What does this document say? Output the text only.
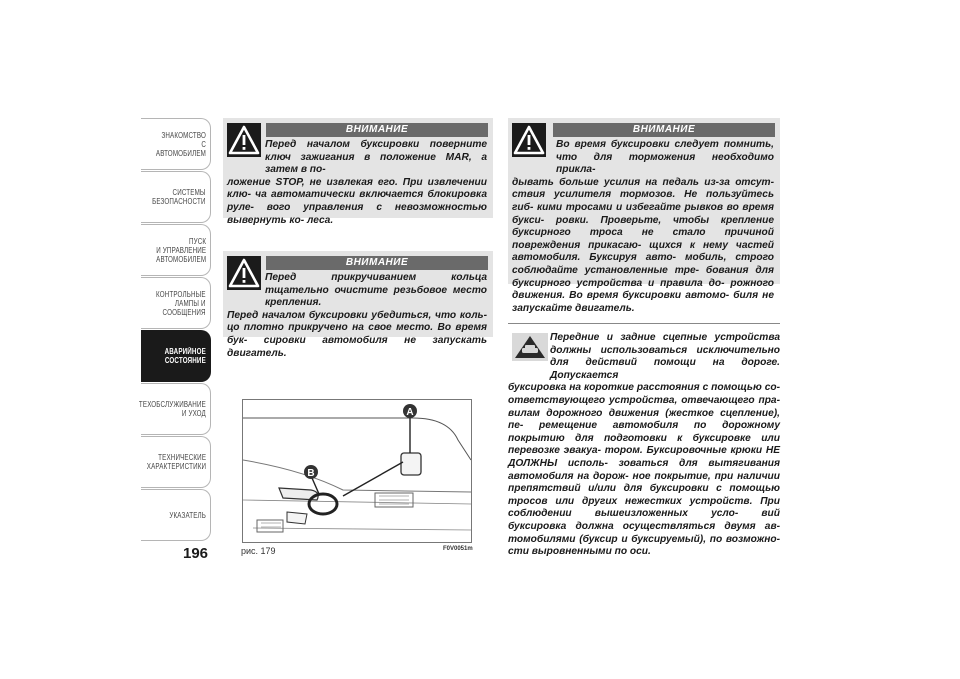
ЗНАКОМСТВО С
АВТОМОБИЛЕМ
СИСТЕМЫ
БЕЗОПАСНОСТИ
ПУСК
И УПРАВЛЕНИЕ
АВТОМОБИЛЕМ
КОНТРОЛЬНЫЕ
ЛАМПЫ И
СООБЩЕНИЯ
АВАРИЙНОЕ
СОСТОЯНИЕ
ТЕХОБСЛУЖИВАНИЕ
И УХОД
ТЕХНИЧЕСКИЕ
ХАРАКТЕРИСТИКИ
УКАЗАТЕЛЬ
196
ВНИМАНИЕ
Перед началом буксировки поверните ключ зажигания в положение MAR, а затем в по-
ложение STOP, не извлекая его. При извлечении клю- ча автоматически включается блокировка руле- вого управления с невозможностью вывернуть ко- леса.
ВНИМАНИЕ
Перед прикручиванием кольца тщательно очистите резьбовое место крепления.
Перед началом буксировки убедиться, что коль- цо плотно прикручено на свое место. Во время бук- сировки автомобиля не запускать двигатель.
ВНИМАНИЕ
Во время буксировки следует помнить, что для торможения необходимо прикла-
дывать больше усилия на педаль из-за отсут- ствия усилителя тормозов. Не пользуйтесь гиб- кими тросами и избегайте рывков во время букси- ровки. Проверьте, чтобы крепление буксирного троса не стало причиной повреждения прикасаю- щихся к нему частей автомобиля. Буксируя авто- мобиль, строго соблюдайте установленные тре- бования для буксирного устройства и правила до- рожного движения. Во время буксировки автомо- биля не запускайте двигатель.
Передние и задние сцепные устройства должны использоваться исключительно для действий помощи на дороге. Допускается
буксировка на короткие расстояния с помощью со- ответствующего устройства, отвечающего пра- вилам дорожного движения (жесткое сцепление), пе- ремещение автомобиля по дорожному покрытию для подготовки к буксировке или перевозке эвакуа- тором. Буксировочные крюки НЕ ДОЛЖНЫ исполь- зоваться для вытягивания автомобиля на дорож- ное покрытие, при наличии препятствий и/или для буксировки с помощью тросов или других нежестких устройств. При соблюдении вышеизложенных усло- вий буксировка должна осуществляться двумя ав- томобилями (буксир и буксируемый), по возможно- сти выровненными по оси.
A
B
рис. 179	F0V0051m
